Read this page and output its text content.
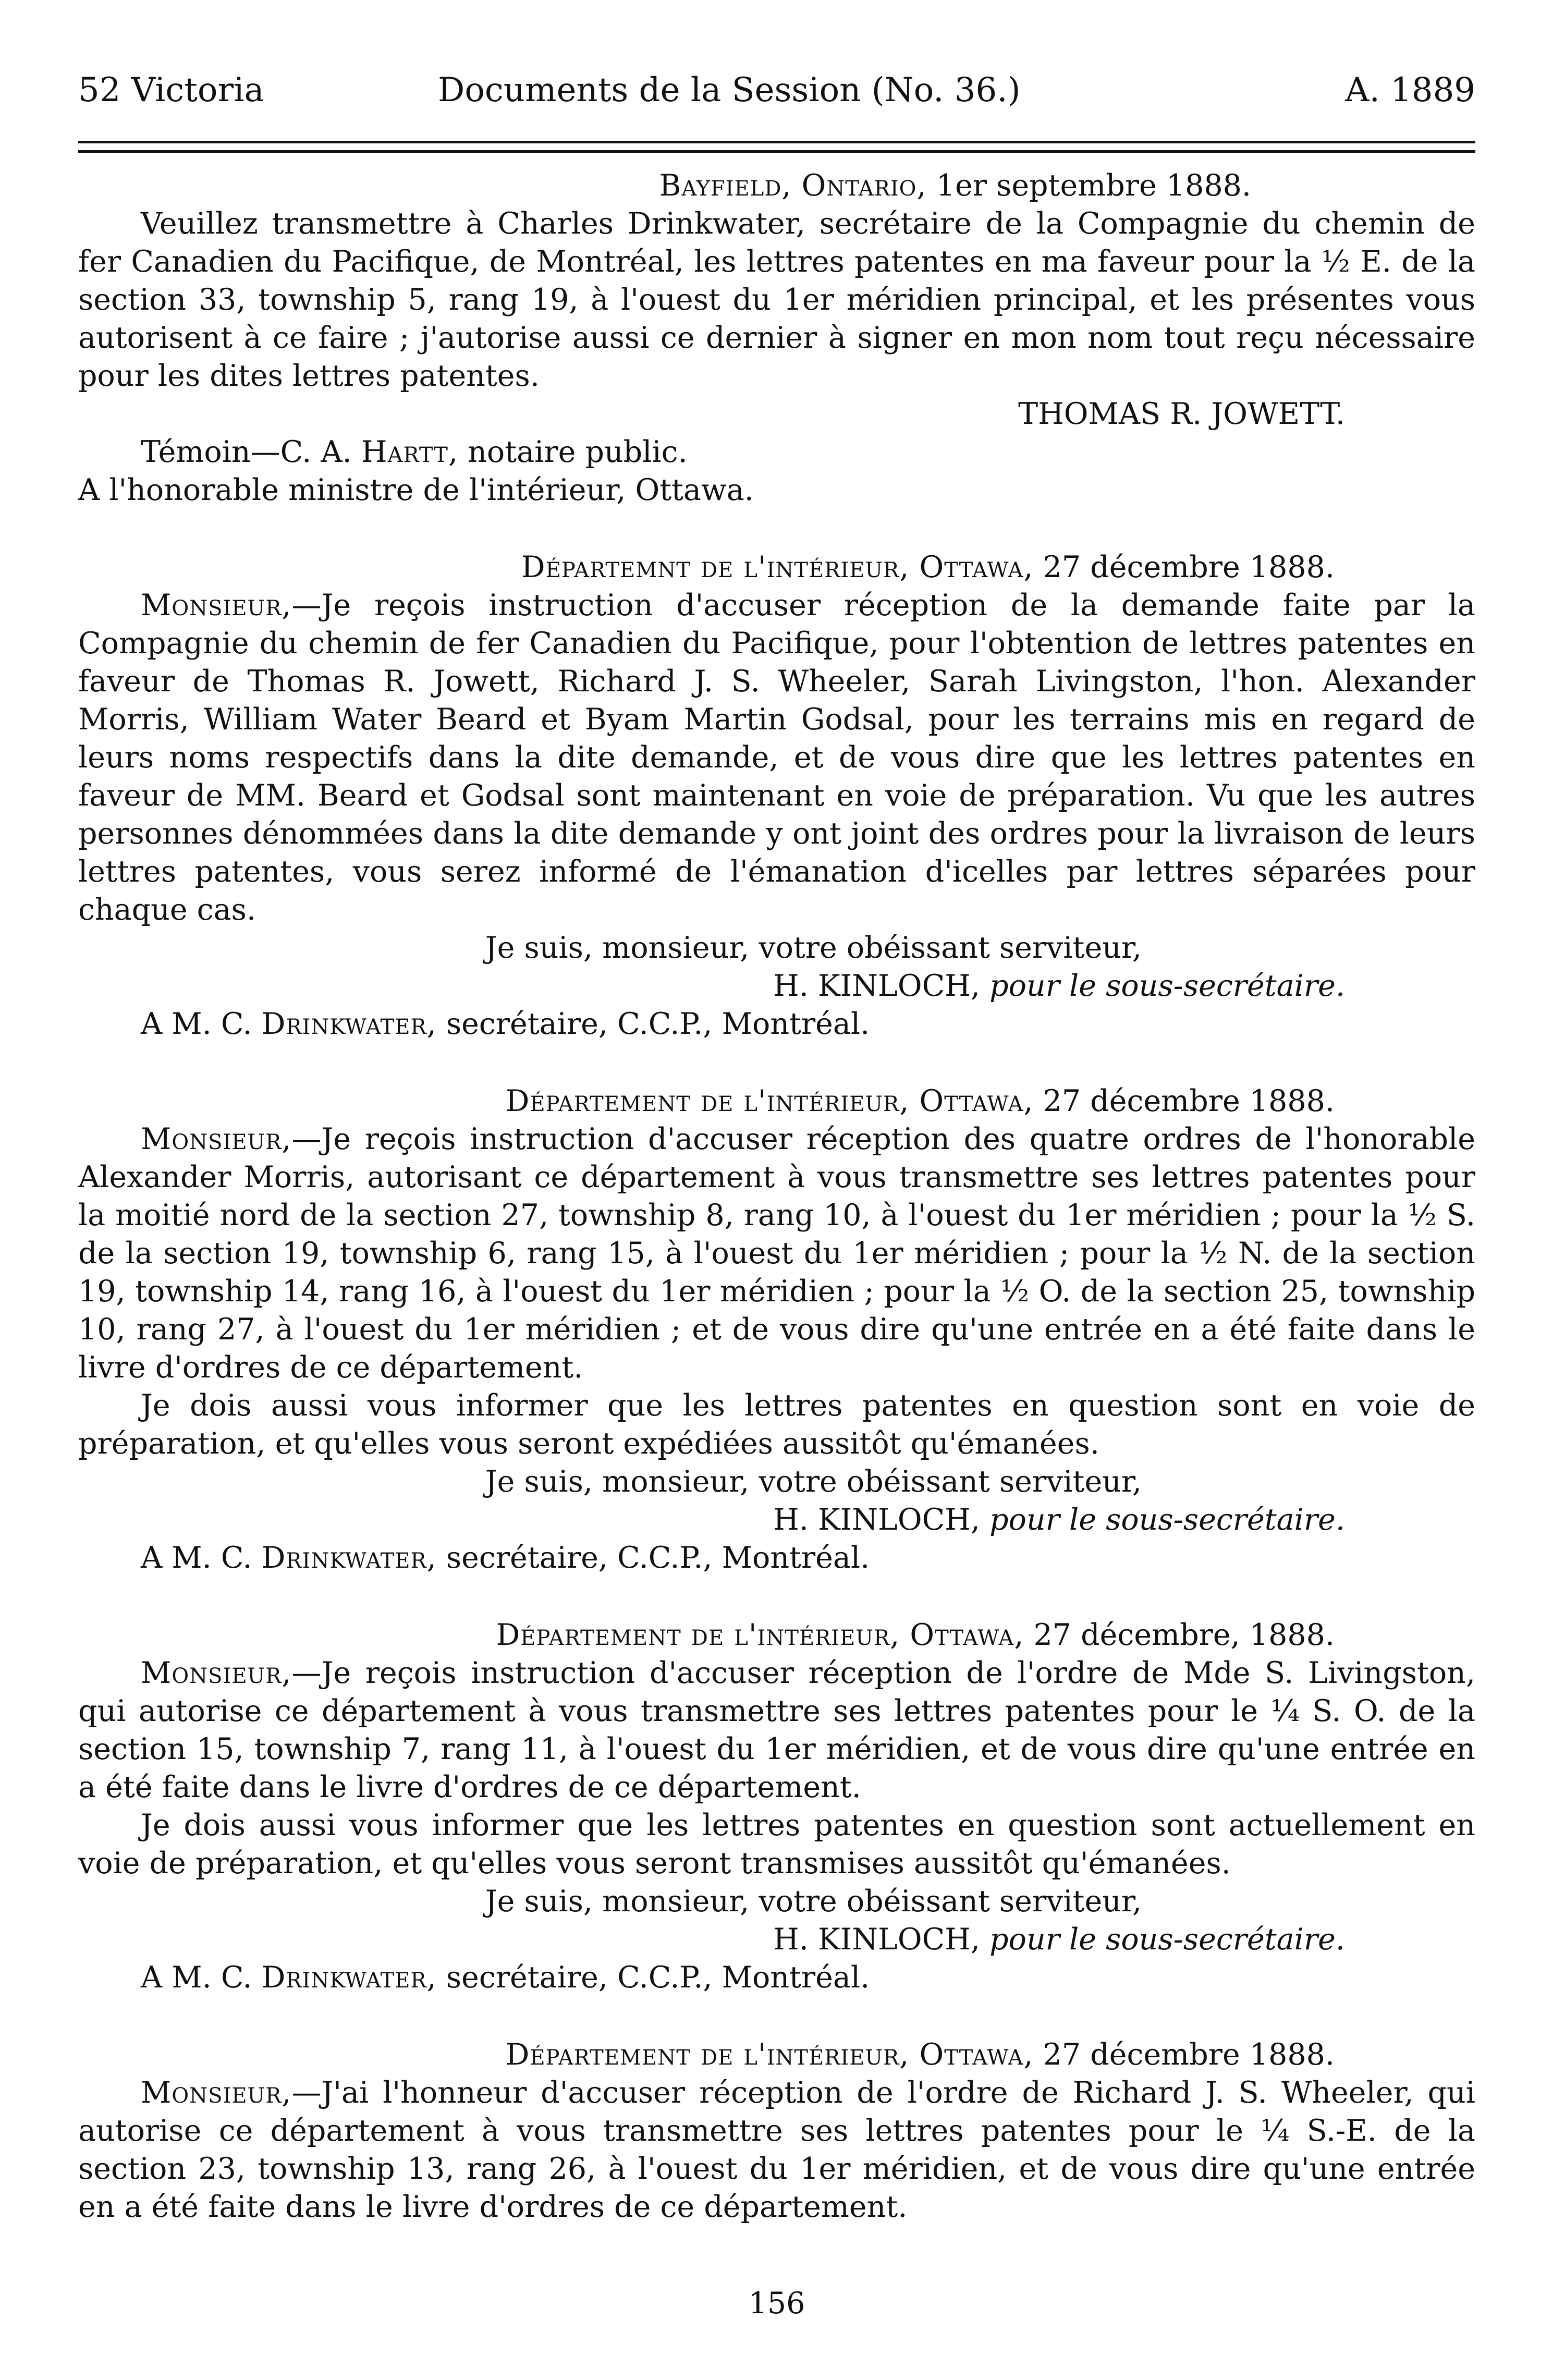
52 Victoria	Documents de la Session (No. 36.)	A. 1889

Bayfield, Ontario, 1er septembre 1888.

Veuillez transmettre à Charles Drinkwater, secrétaire de la Compagnie du chemin de fer Canadien du Pacifique, de Montréal, les lettres patentes en ma faveur pour la ½ E. de la section 33, township 5, rang 19, à l'ouest du 1er méridien principal, et les présentes vous autorisent à ce faire ; j'autorise aussi ce dernier à signer en mon nom tout reçu nécessaire pour les dites lettres patentes.

THOMAS R. JOWETT.

Témoin—C. A. Hartt, notaire public.

A l'honorable ministre de l'intérieur, Ottawa.

Départemnt de l'intérieur, Ottawa, 27 décembre 1888.

Monsieur,—Je reçois instruction d'accuser réception de la demande faite par la Compagnie du chemin de fer Canadien du Pacifique, pour l'obtention de lettres patentes en faveur de Thomas R. Jowett, Richard J. S. Wheeler, Sarah Livingston, l'hon. Alexander Morris, William Water Beard et Byam Martin Godsal, pour les terrains mis en regard de leurs noms respectifs dans la dite demande, et de vous dire que les lettres patentes en faveur de MM. Beard et Godsal sont maintenant en voie de préparation. Vu que les autres personnes dénommées dans la dite demande y ont joint des ordres pour la livraison de leurs lettres patentes, vous serez informé de l'émanation d'icelles par lettres séparées pour chaque cas.

Je suis, monsieur, votre obéissant serviteur,

H. KINLOCH, pour le sous-secrétaire.

A M. C. Drinkwater, secrétaire, C.C.P., Montréal.

Département de l'intérieur, Ottawa, 27 décembre 1888.

Monsieur,—Je reçois instruction d'accuser réception des quatre ordres de l'honorable Alexander Morris, autorisant ce département à vous transmettre ses lettres patentes pour la moitié nord de la section 27, township 8, rang 10, à l'ouest du 1er méridien ; pour la ½ S. de la section 19, township 6, rang 15, à l'ouest du 1er méridien ; pour la ½ N. de la section 19, township 14, rang 16, à l'ouest du 1er méridien ; pour la ½ O. de la section 25, township 10, rang 27, à l'ouest du 1er méridien ; et de vous dire qu'une entrée en a été faite dans le livre d'ordres de ce département.

Je dois aussi vous informer que les lettres patentes en question sont en voie de préparation, et qu'elles vous seront expédiées aussitôt qu'émanées.

Je suis, monsieur, votre obéissant serviteur,

H. KINLOCH, pour le sous-secrétaire.

A M. C. Drinkwater, secrétaire, C.C.P., Montréal.

Département de l'intérieur, Ottawa, 27 décembre, 1888.

Monsieur,—Je reçois instruction d'accuser réception de l'ordre de Mde S. Livingston, qui autorise ce département à vous transmettre ses lettres patentes pour le ¼ S. O. de la section 15, township 7, rang 11, à l'ouest du 1er méridien, et de vous dire qu'une entrée en a été faite dans le livre d'ordres de ce département.

Je dois aussi vous informer que les lettres patentes en question sont actuellement en voie de préparation, et qu'elles vous seront transmises aussitôt qu'émanées.

Je suis, monsieur, votre obéissant serviteur,

H. KINLOCH, pour le sous-secrétaire.

A M. C. Drinkwater, secrétaire, C.C.P., Montréal.

Département de l'intérieur, Ottawa, 27 décembre 1888.

Monsieur,—J'ai l'honneur d'accuser réception de l'ordre de Richard J. S. Wheeler, qui autorise ce département à vous transmettre ses lettres patentes pour le ¼ S.-E. de la section 23, township 13, rang 26, à l'ouest du 1er méridien, et de vous dire qu'une entrée en a été faite dans le livre d'ordres de ce département.

156
